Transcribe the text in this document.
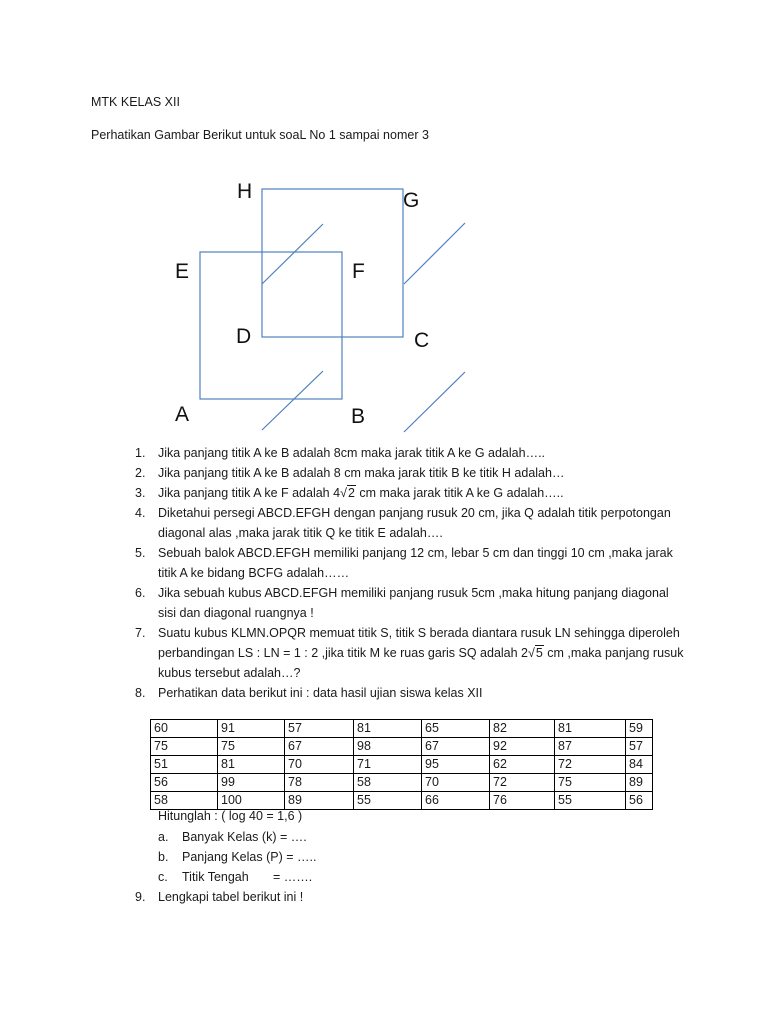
MTK KELAS XII
Perhatikan Gambar Berikut untuk soaL No 1 sampai nomer 3
H	G
E	F
D	C
A	B
1. Jika panjang titik A ke B adalah 8cm maka jarak titik A ke G adalah…..
2. Jika panjang titik A ke B adalah 8 cm maka jarak titik B ke titik H adalah…
3. Jika panjang titik A ke F adalah 4√2 cm maka jarak titik A ke G adalah…..
4. Diketahui persegi ABCD.EFGH dengan panjang rusuk 20 cm, jika Q adalah titik perpotongan
diagonal alas ,maka jarak titik Q ke titik E adalah….
5. Sebuah balok ABCD.EFGH memiliki panjang 12 cm, lebar 5 cm dan tinggi 10 cm ,maka jarak
titik A ke bidang BCFG adalah……
6. Jika sebuah kubus ABCD.EFGH memiliki panjang rusuk 5cm ,maka hitung panjang diagonal
sisi dan diagonal ruangnya !
7. Suatu kubus KLMN.OPQR memuat titik S, titik S berada diantara rusuk LN sehingga diperoleh
perbandingan LS : LN = 1 : 2 ,jika titik M ke ruas garis SQ adalah 2√5 cm ,maka panjang rusuk
kubus tersebut adalah…?
8. Perhatikan data berikut ini : data hasil ujian siswa kelas XII
60	91	57	81	65	82	81	59
75	75	67	98	67	92	87	57
51	81	70	71	95	62	72	84
56	99	78	58	70	72	75	89
58	100	89	55	66	76	55	56
Hitunglah : ( log 40 = 1,6 )
a. Banyak Kelas (k) = ….
b. Panjang Kelas (P) = …..
c. Titik Tengah       = …….
9. Lengkapi tabel berikut ini !
